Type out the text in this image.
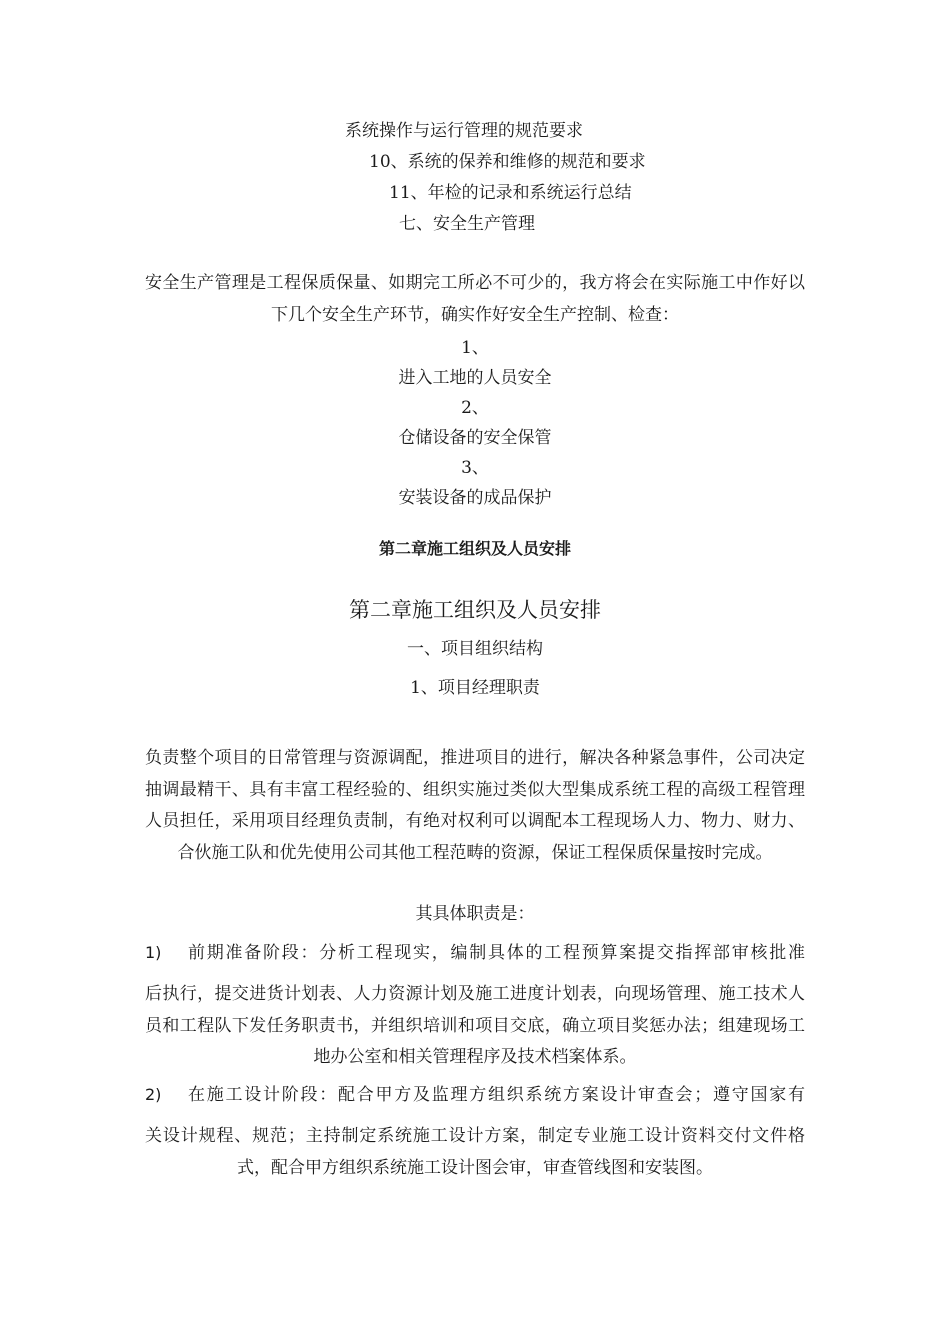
系统操作与运行管理的规范要求
10、系统的保养和维修的规范和要求
11、年检的记录和系统运行总结
七、安全生产管理
安全生产管理是工程保质保量、如期完工所必不可少的，我方将会在实际施工中作好以下几个安全生产环节，确实作好安全生产控制、检查：
1、
进入工地的人员安全
2、
仓储设备的安全保管
3、
安装设备的成品保护
第二章施工组织及人员安排
第二章施工组织及人员安排
一、项目组织结构
1、项目经理职责
负责整个项目的日常管理与资源调配，推进项目的进行，解决各种紧急事件，公司决定抽调最精干、具有丰富工程经验的、组织实施过类似大型集成系统工程的高级工程管理人员担任，采用项目经理负责制，有绝对权利可以调配本工程现场人力、物力、财力、合伙施工队和优先使用公司其他工程范畴的资源，保证工程保质保量按时完成。
其具体职责是：
1) 前期准备阶段：分析工程现实，编制具体的工程预算案提交指挥部审核批准
后执行，提交进货计划表、人力资源计划及施工进度计划表，向现场管理、施工技术人员和工程队下发任务职责书，并组织培训和项目交底，确立项目奖惩办法；组建现场工地办公室和相关管理程序及技术档案体系。
2) 在施工设计阶段：配合甲方及监理方组织系统方案设计审查会；遵守国家有
关设计规程、规范；主持制定系统施工设计方案，制定专业施工设计资料交付文件格式，配合甲方组织系统施工设计图会审，审查管线图和安装图。
